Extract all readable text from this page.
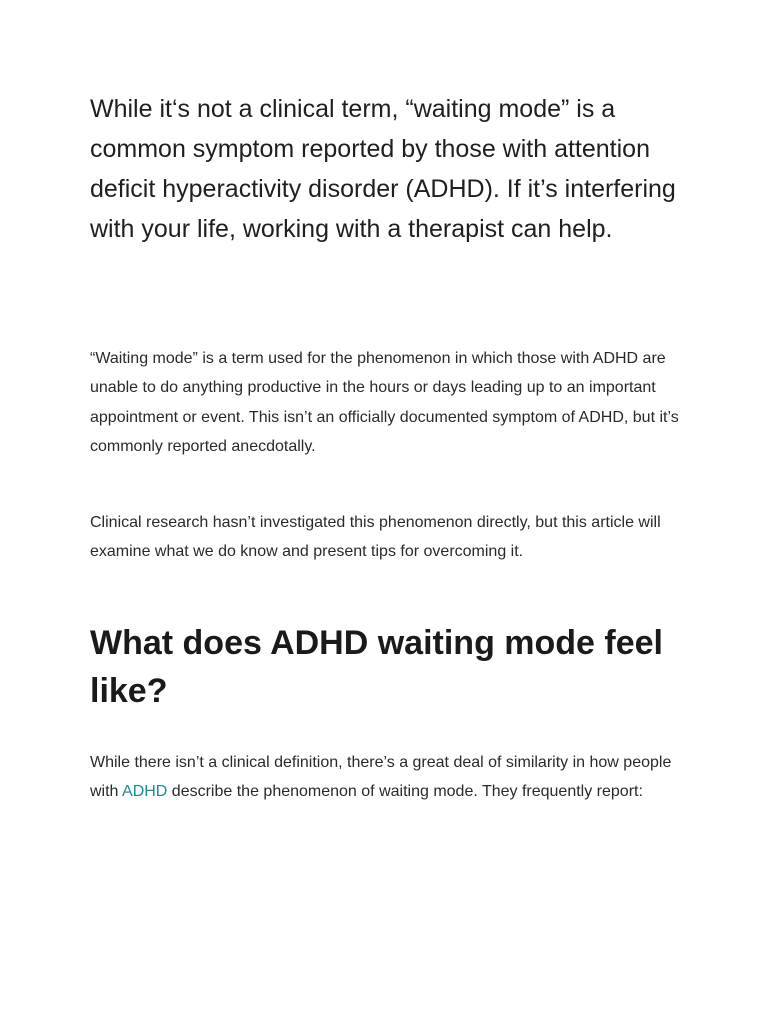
While it‘s not a clinical term, “waiting mode” is a common symptom reported by those with attention deficit hyperactivity disorder (ADHD). If it’s interfering with your life, working with a therapist can help.

“Waiting mode” is a term used for the phenomenon in which those with ADHD are unable to do anything productive in the hours or days leading up to an important appointment or event. This isn’t an officially documented symptom of ADHD, but it’s commonly reported anecdotally.

Clinical research hasn’t investigated this phenomenon directly, but this article will examine what we do know and present tips for overcoming it.

What does ADHD waiting mode feel like?

While there isn’t a clinical definition, there’s a great deal of similarity in how people with ADHD describe the phenomenon of waiting mode. They frequently report:
